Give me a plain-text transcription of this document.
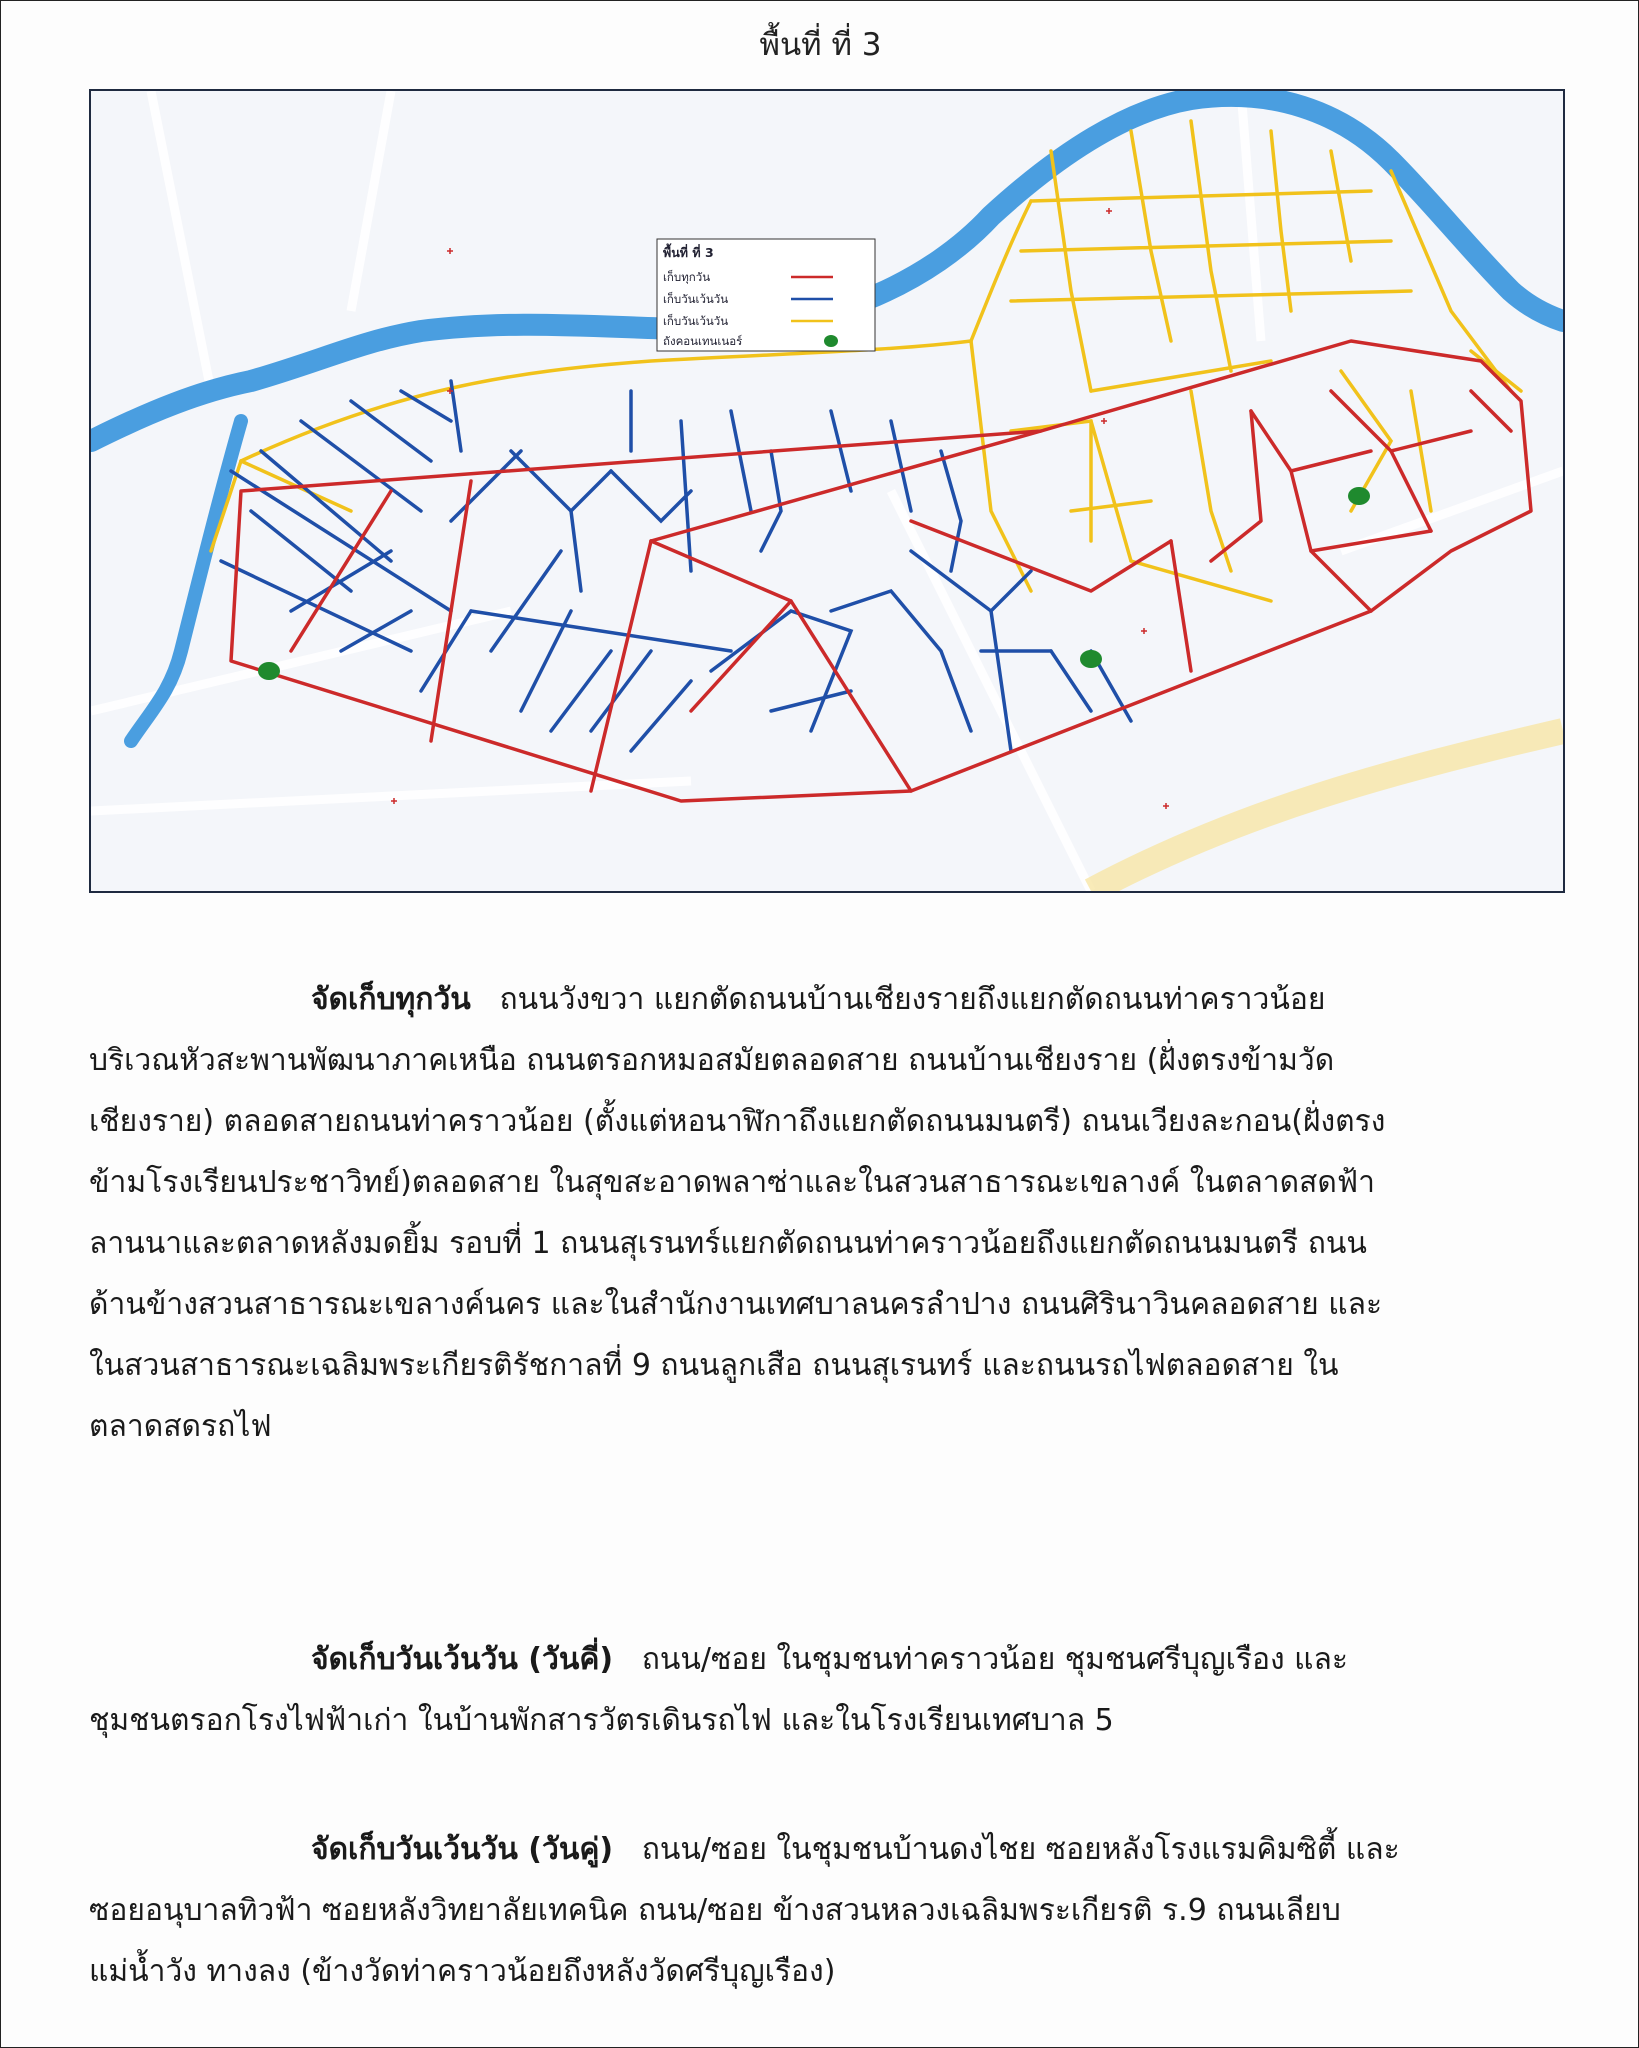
พื้นที่ ที่ 3
พื้นที่ ที่ 3
เก็บทุกวัน
เก็บวันเว้นวัน
เก็บวันเว้นวัน
ถังคอนเทนเนอร์

จัดเก็บทุกวัน ถนนวังขวา แยกตัดถนนบ้านเชียงรายถึงแยกตัดถนนท่าคราวน้อย
บริเวณหัวสะพานพัฒนาภาคเหนือ ถนนตรอกหมอสมัยตลอดสาย ถนนบ้านเชียงราย (ฝั่งตรงข้ามวัด
เชียงราย) ตลอดสายถนนท่าคราวน้อย (ตั้งแต่หอนาฬิกาถึงแยกตัดถนนมนตรี) ถนนเวียงละกอน(ฝั่งตรง
ข้ามโรงเรียนประชาวิทย์)ตลอดสาย ในสุขสะอาดพลาซ่าและในสวนสาธารณะเขลางค์ ในตลาดสดฟ้า
ลานนาและตลาดหลังมดยิ้ม รอบที่ 1 ถนนสุเรนทร์แยกตัดถนนท่าคราวน้อยถึงแยกตัดถนนมนตรี ถนน
ด้านข้างสวนสาธารณะเขลางค์นคร และในสำนักงานเทศบาลนครลำปาง ถนนศิรินาวินคลอดสาย และ
ในสวนสาธารณะเฉลิมพระเกียรติรัชกาลที่ 9 ถนนลูกเสือ ถนนสุเรนทร์ และถนนรถไฟตลอดสาย ใน
ตลาดสดรถไฟ

จัดเก็บวันเว้นวัน (วันคี่) ถนน/ซอย ในชุมชนท่าคราวน้อย ชุมชนศรีบุญเรือง และ
ชุมชนตรอกโรงไฟฟ้าเก่า ในบ้านพักสารวัตรเดินรถไฟ และในโรงเรียนเทศบาล 5

จัดเก็บวันเว้นวัน (วันคู่) ถนน/ซอย ในชุมชนบ้านดงไชย ซอยหลังโรงแรมคิมซิตี้ และ
ซอยอนุบาลทิวฟ้า ซอยหลังวิทยาลัยเทคนิค ถนน/ซอย ข้างสวนหลวงเฉลิมพระเกียรติ ร.9 ถนนเลียบ
แม่น้ำวัง ทางลง (ข้างวัดท่าคราวน้อยถึงหลังวัดศรีบุญเรือง)
